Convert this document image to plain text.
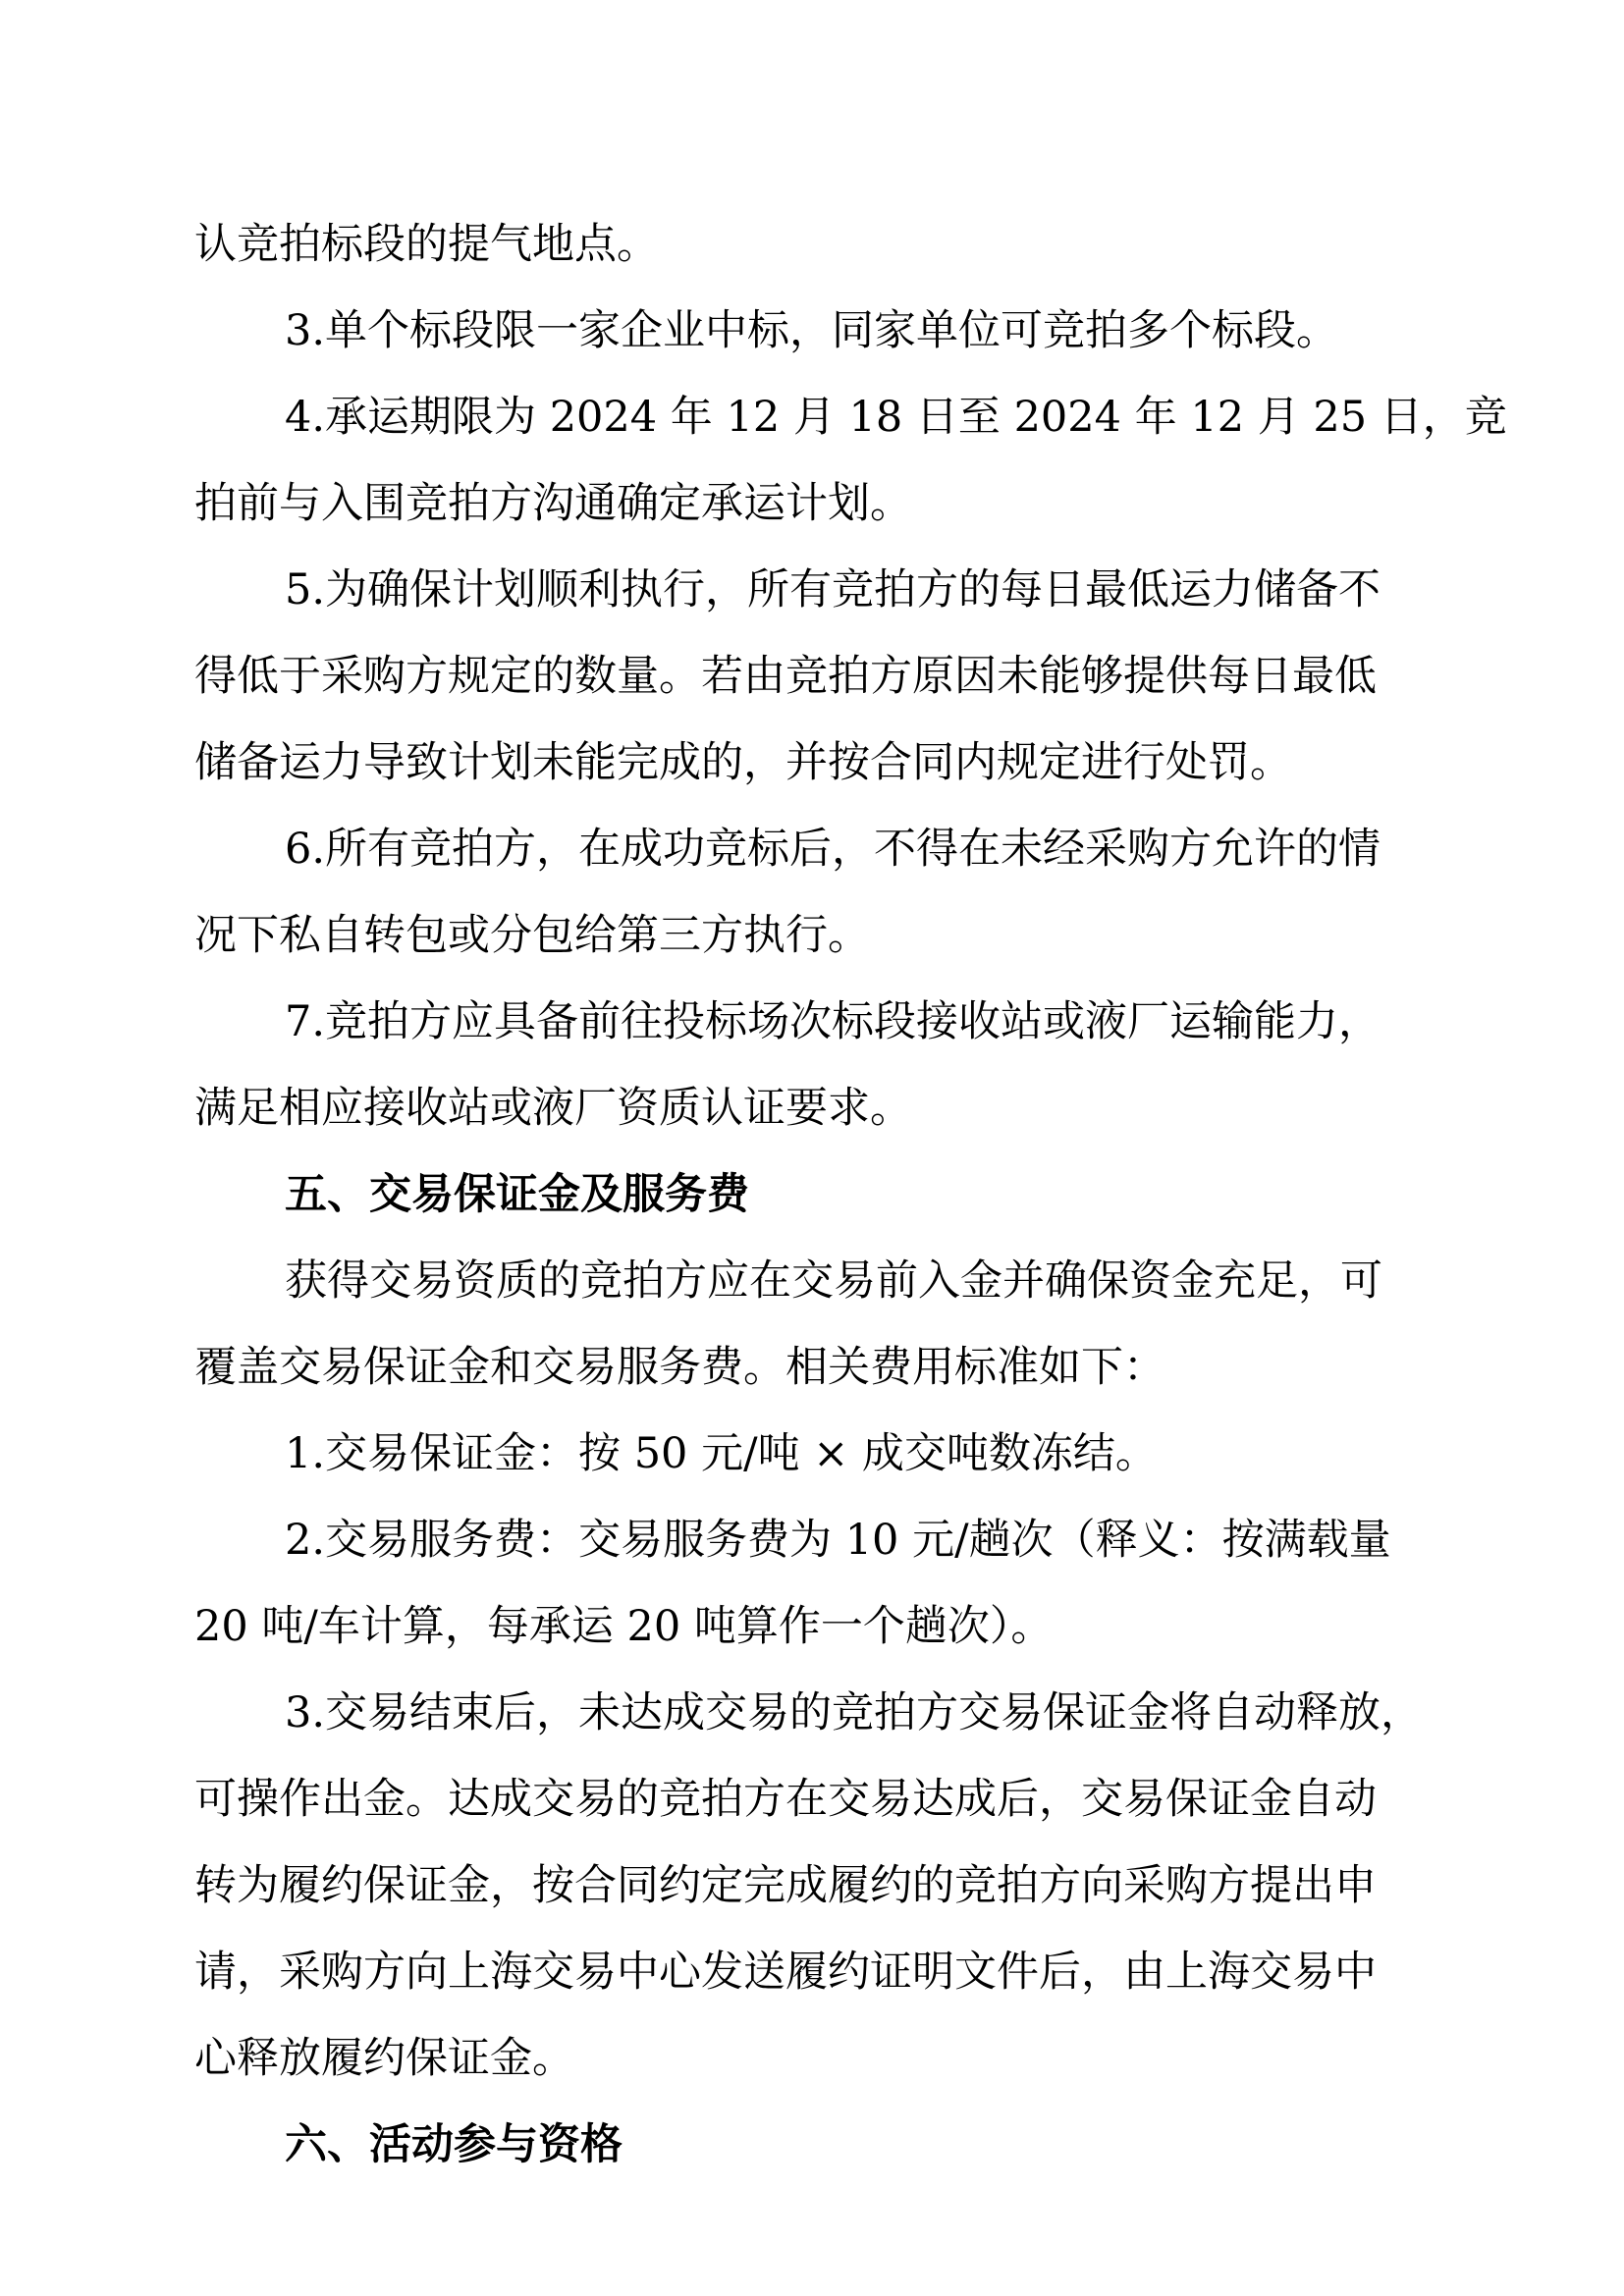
认竞拍标段的提气地点。
3.单个标段限一家企业中标，同家单位可竞拍多个标段。
4.承运期限为 2024 年 12 月 18 日至 2024 年 12 月 25 日，竞
拍前与入围竞拍方沟通确定承运计划。
5.为确保计划顺利执行，所有竞拍方的每日最低运力储备不
得低于采购方规定的数量。若由竞拍方原因未能够提供每日最低
储备运力导致计划未能完成的，并按合同内规定进行处罚。
6.所有竞拍方，在成功竞标后，不得在未经采购方允许的情
况下私自转包或分包给第三方执行。
7.竞拍方应具备前往投标场次标段接收站或液厂运输能力，
满足相应接收站或液厂资质认证要求。
五、交易保证金及服务费
获得交易资质的竞拍方应在交易前入金并确保资金充足，可
覆盖交易保证金和交易服务费。相关费用标准如下：
1.交易保证金：按 50 元/吨 × 成交吨数冻结。
2.交易服务费：交易服务费为 10 元/趟次（释义：按满载量
20 吨/车计算，每承运 20 吨算作一个趟次）。
3.交易结束后，未达成交易的竞拍方交易保证金将自动释放，
可操作出金。达成交易的竞拍方在交易达成后，交易保证金自动
转为履约保证金，按合同约定完成履约的竞拍方向采购方提出申
请，采购方向上海交易中心发送履约证明文件后，由上海交易中
心释放履约保证金。
六、活动参与资格
